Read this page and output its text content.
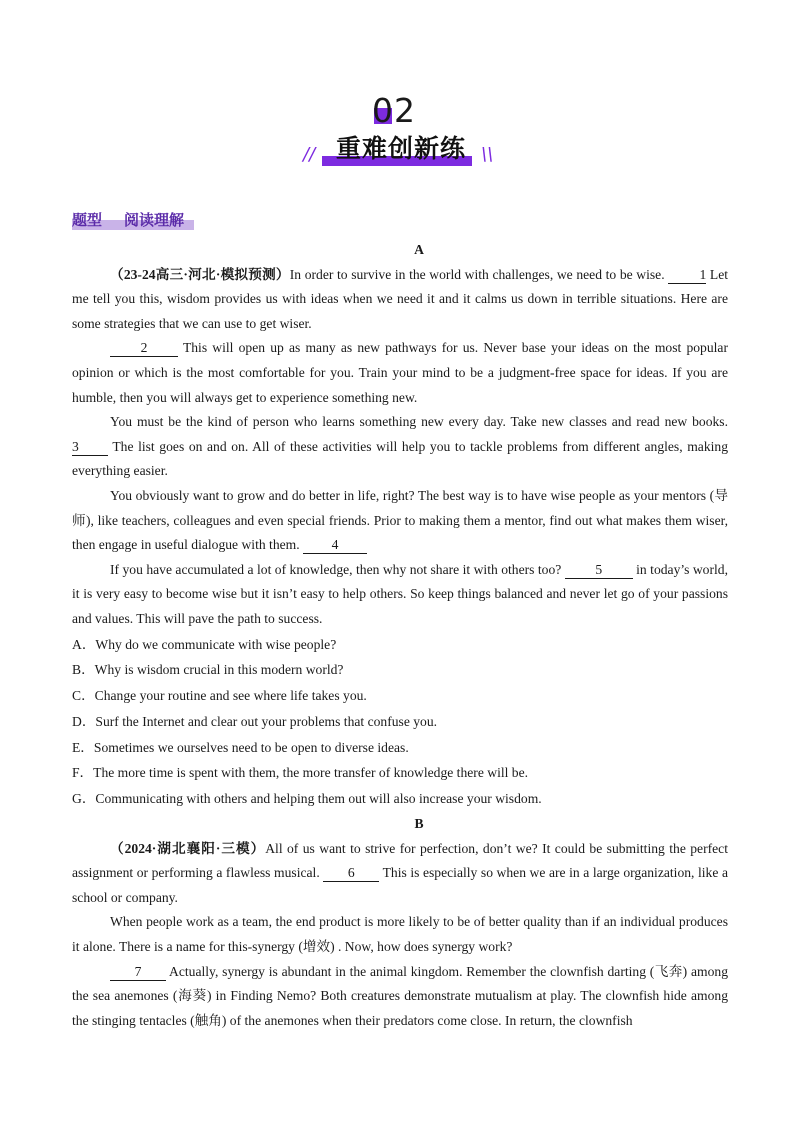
02
// 重难创新练 \\
题型 阅读理解

A

（23-24高三·河北·模拟预测）In order to survive in the world with challenges, we need to be wise.	1 Let me tell you this, wisdom provides us with ideas when we need it and it calms us down in terrible situations. Here are some strategies that we can use to get wiser.

2	This will open up as many as new pathways for us. Never base your ideas on the most popular opinion or which is the most comfortable for you. Train your mind to be a judgment-free space for ideas. If you are humble, then you will always get to experience something new.

You must be the kind of person who learns something new every day. Take new classes and read new books. 3 The list goes on and on. All of these activities will help you to tackle problems from different angles, making everything easier.

You obviously want to grow and do better in life, right? The best way is to have wise people as your mentors (导师), like teachers, colleagues and even special friends. Prior to making them a mentor, find out what makes them wiser, then engage in useful dialogue with them. 4

If you have accumulated a lot of knowledge, then why not share it with others too?	5	in today’s world, it is very easy to become wise but it isn’t easy to help others. So keep things balanced and never let go of your passions and values. This will pave the path to success.

A．Why do we communicate with wise people?

B．Why is wisdom crucial in this modern world?

C．Change your routine and see where life takes you.

D．Surf the Internet and clear out your problems that confuse you.

E．Sometimes we ourselves need to be open to diverse ideas.

F．The more time is spent with them, the more transfer of knowledge there will be.

G．Communicating with others and helping them out will also increase your wisdom.

B

（2024·湖北襄阳·三模）All of us want to strive for perfection, don’t we? It could be submitting the perfect assignment or performing a flawless musical. 6 This is especially so when we are in a large organization, like a school or company.

When people work as a team, the end product is more likely to be of better quality than if an individual produces it alone. There is a name for this-synergy (增效) . Now, how does synergy work?

7 Actually, synergy is abundant in the animal kingdom. Remember the clownfish darting (飞奔) among the sea anemones (海葵) in Finding Nemo? Both creatures demonstrate mutualism at play. The clownfish hide among the stinging tentacles (触角) of the anemones when their predators come close. In return, the clownfish
